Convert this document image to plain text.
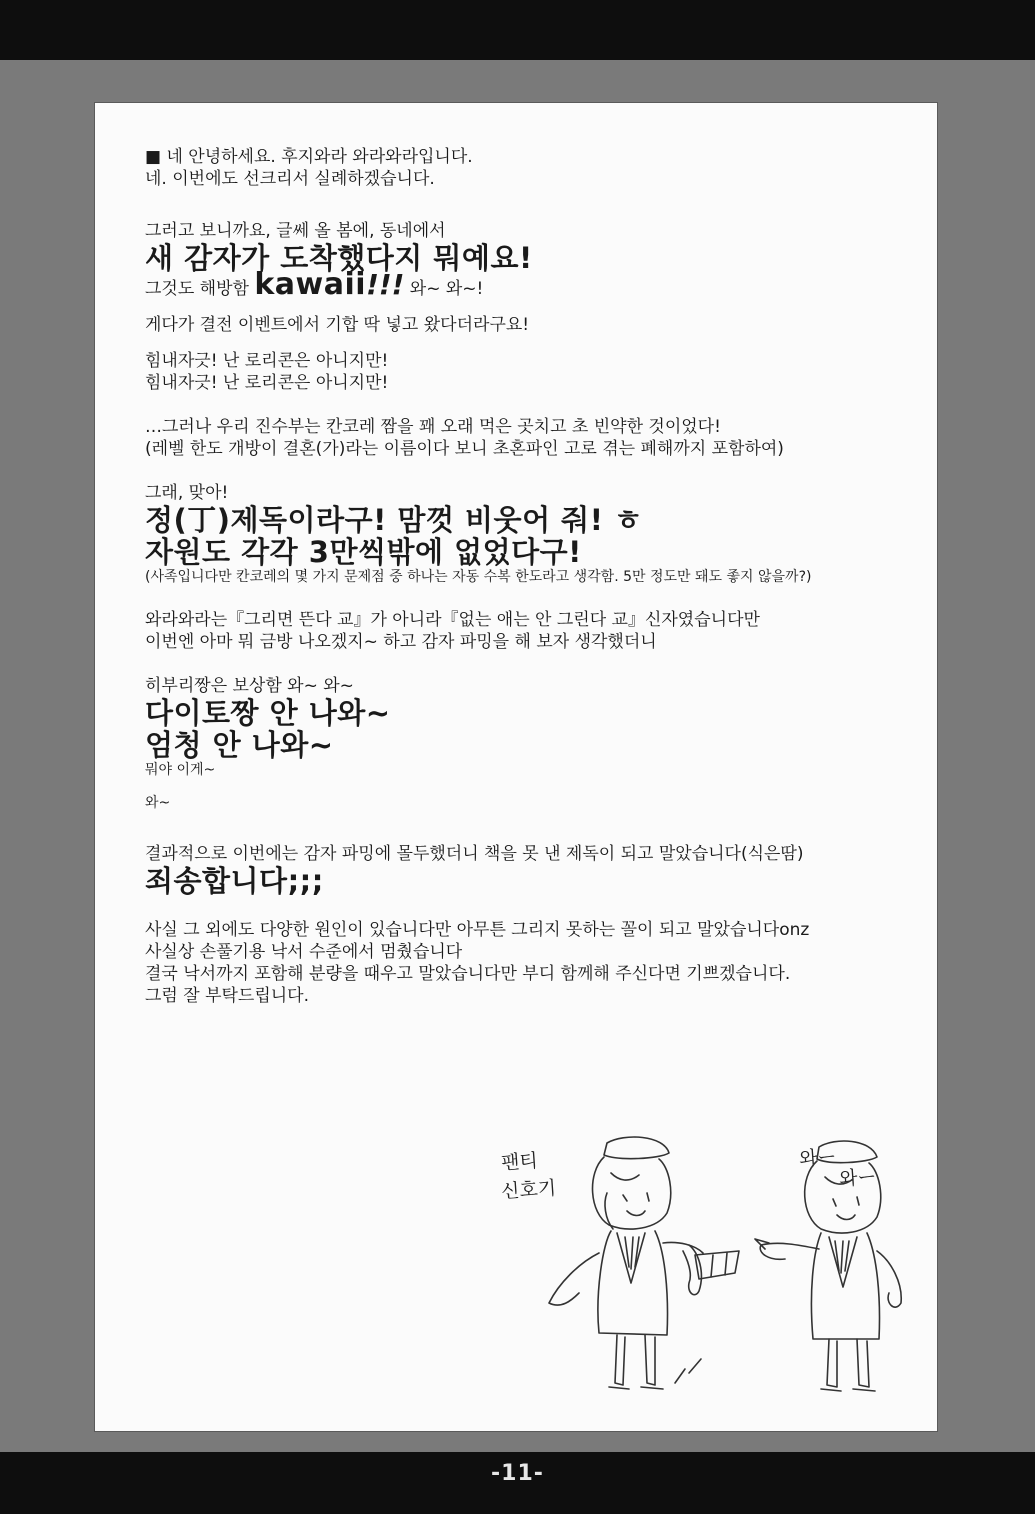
■ 네 안녕하세요. 후지와라 와라와라입니다.
네. 이번에도 선크리서 실례하겠습니다.
그러고 보니까요, 글쎄 올 봄에, 동네에서
새 감자가 도착했다지 뭐예요!
그것도 해방함 kawaii!!! 와~ 와~!
게다가 결전 이벤트에서 기합 딱 넣고 왔다더라구요!
힘내자긋! 난 로리콘은 아니지만!
힘내자긋! 난 로리콘은 아니지만!
…그러나 우리 진수부는 칸코레 짬을 꽤 오래 먹은 곳치고 초 빈약한 것이었다!
(레벨 한도 개방이 결혼(가)라는 이름이다 보니 초혼파인 고로 겪는 폐해까지 포함하여)
그래, 맞아!
정(丁)제독이라구! 맘껏 비웃어 줘! ㅎ
자원도 각각 3만씩밖에 없었다구!
(사족입니다만 칸코레의 몇 가지 문제점 중 하나는 자동 수복 한도라고 생각함. 5만 정도만 돼도 좋지 않을까?)
와라와라는『그리면 뜬다 교』가 아니라『없는 애는 안 그린다 교』신자였습니다만
이번엔 아마 뭐 금방 나오겠지~ 하고 감자 파밍을 해 보자 생각했더니
히부리짱은 보상함 와~ 와~
다이토짱 안 나와~
엄청 안 나와~
뭐야 이게~
와~
결과적으로 이번에는 감자 파밍에 몰두했더니 책을 못 낸 제독이 되고 말았습니다(식은땀)
죄송합니다;;;
사실 그 외에도 다양한 원인이 있습니다만 아무튼 그리지 못하는 꼴이 되고 말았습니다onz
사실상 손풀기용 낙서 수준에서 멈췄습니다
결국 낙서까지 포함해 분량을 때우고 말았습니다만 부디 함께해 주신다면 기쁘겠습니다.
그럼 잘 부탁드립니다.
팬티
신호기
와ー
와ー
-11-
